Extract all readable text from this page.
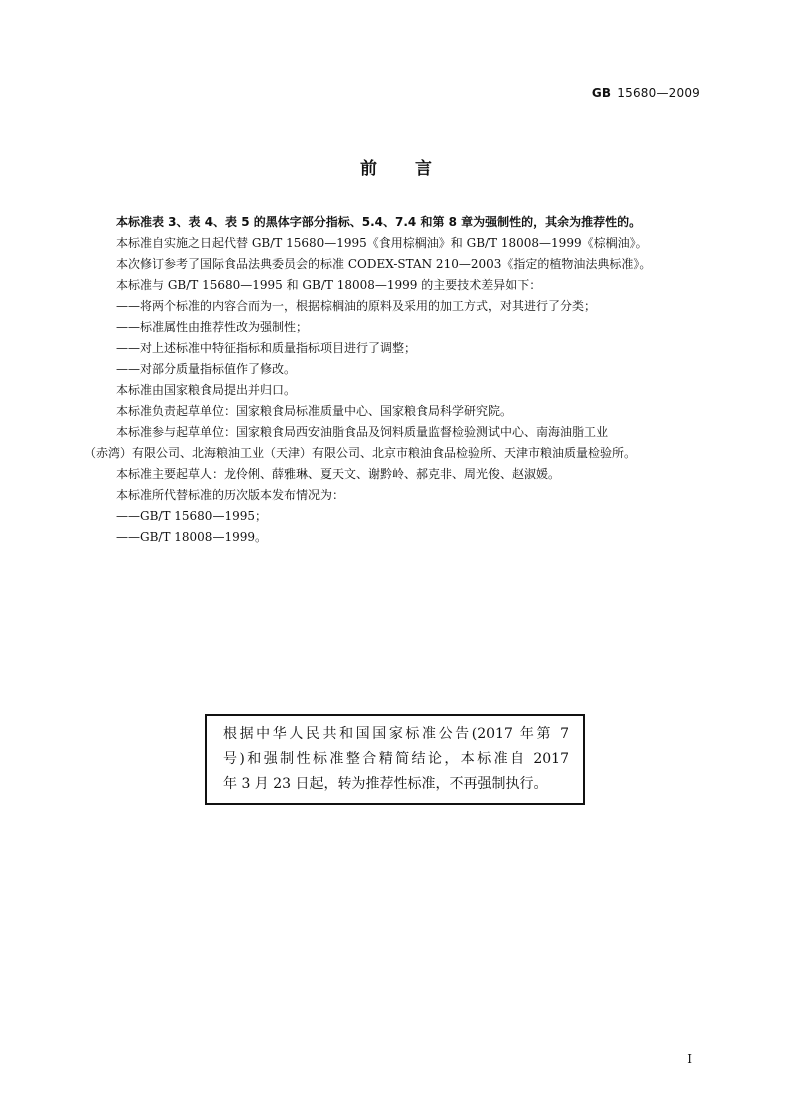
GB 15680—2009
前言
本标准表 3、表 4、表 5 的黑体字部分指标、5.4、7.4 和第 8 章为强制性的，其余为推荐性的。
本标准自实施之日起代替 GB/T 15680—1995《食用棕榈油》和 GB/T 18008—1999《棕榈油》。
本次修订参考了国际食品法典委员会的标准 CODEX-STAN 210—2003《指定的植物油法典标准》。
本标准与 GB/T 15680—1995 和 GB/T 18008—1999 的主要技术差异如下：
——将两个标准的内容合而为一，根据棕榈油的原料及采用的加工方式，对其进行了分类；
——标准属性由推荐性改为强制性；
——对上述标准中特征指标和质量指标项目进行了调整；
——对部分质量指标值作了修改。
本标准由国家粮食局提出并归口。
本标准负责起草单位：国家粮食局标准质量中心、国家粮食局科学研究院。
本标准参与起草单位：国家粮食局西安油脂食品及饲料质量监督检验测试中心、南海油脂工业
（赤湾）有限公司、北海粮油工业（天津）有限公司、北京市粮油食品检验所、天津市粮油质量检验所。
本标准主要起草人：龙伶俐、薛雅琳、夏天文、谢黔岭、郝克非、周光俊、赵淑媛。
本标准所代替标准的历次版本发布情况为：
——GB/T 15680—1995；
——GB/T 18008—1999。
根据中华人民共和国国家标准公告(2017 年第 7
号)和强制性标准整合精简结论，本标准自 2017
年 3 月 23 日起，转为推荐性标准，不再强制执行。
I
